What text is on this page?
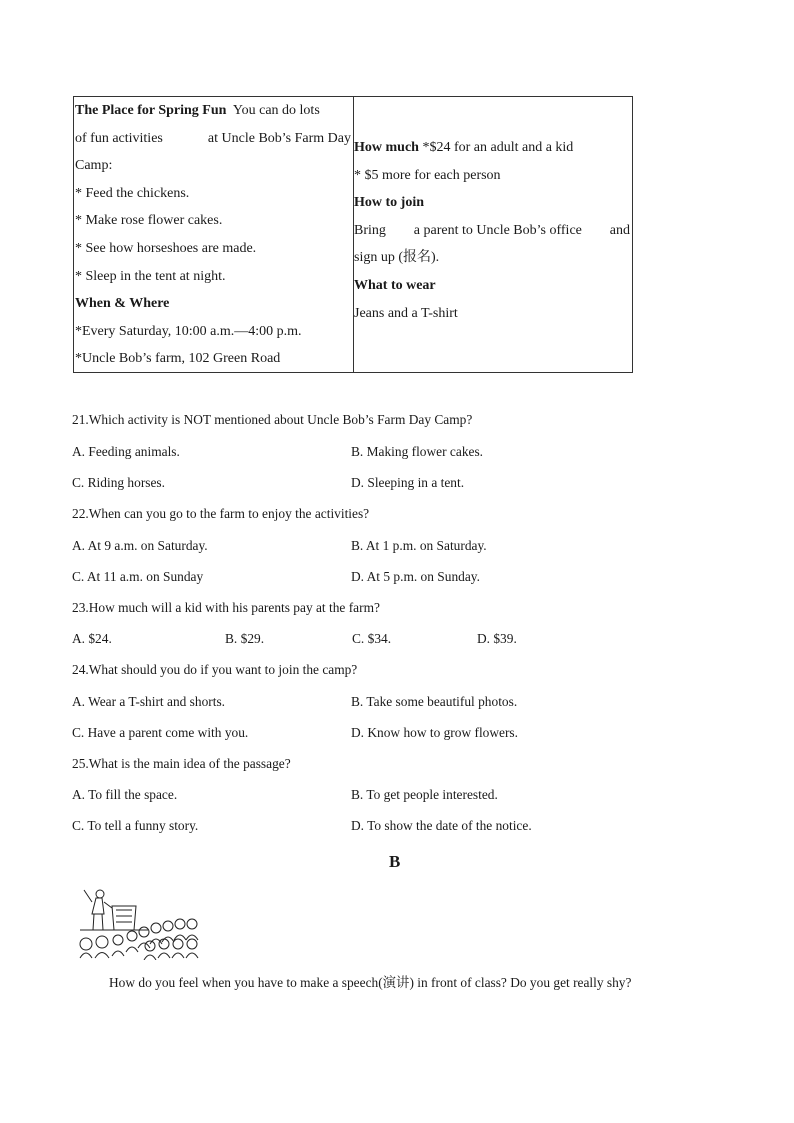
The Place for Spring Fun You can do lots
of fun activities	at Uncle Bob’s Farm Day
Camp:
* Feed the chickens.
* Make rose flower cakes.
* See how horseshoes are made.
* Sleep in the tent at night.
When & Where
*Every Saturday, 10:00 a.m.—4:00 p.m.
*Uncle Bob’s farm, 102 Green Road
How much *$24 for an adult and a kid
* $5 more for each person
How to join
Bring a parent to Uncle Bob’s office and
sign up (报名).
What to wear
Jeans and a T-shirt
21.Which activity is NOT mentioned about Uncle Bob’s Farm Day Camp?
A. Feeding animals.	B. Making flower cakes.
C. Riding horses.	D. Sleeping in a tent.
22.When can you go to the farm to enjoy the activities?
A. At 9 a.m. on Saturday.	B. At 1 p.m. on Saturday.
C. At 11 a.m. on Sunday	D. At 5 p.m. on Sunday.
23.How much will a kid with his parents pay at the farm?
A. $24.	B. $29.	C. $34.	D. $39.
24.What should you do if you want to join the camp?
A. Wear a T-shirt and shorts.	B. Take some beautiful photos.
C. Have a parent come with you.	D. Know how to grow flowers.
25.What is the main idea of the passage?
A. To fill the space.	B. To get people interested.
C. To tell a funny story.	D. To show the date of the notice.
B
How do you feel when you have to make a speech(演讲) in front of class? Do you get really shy?
